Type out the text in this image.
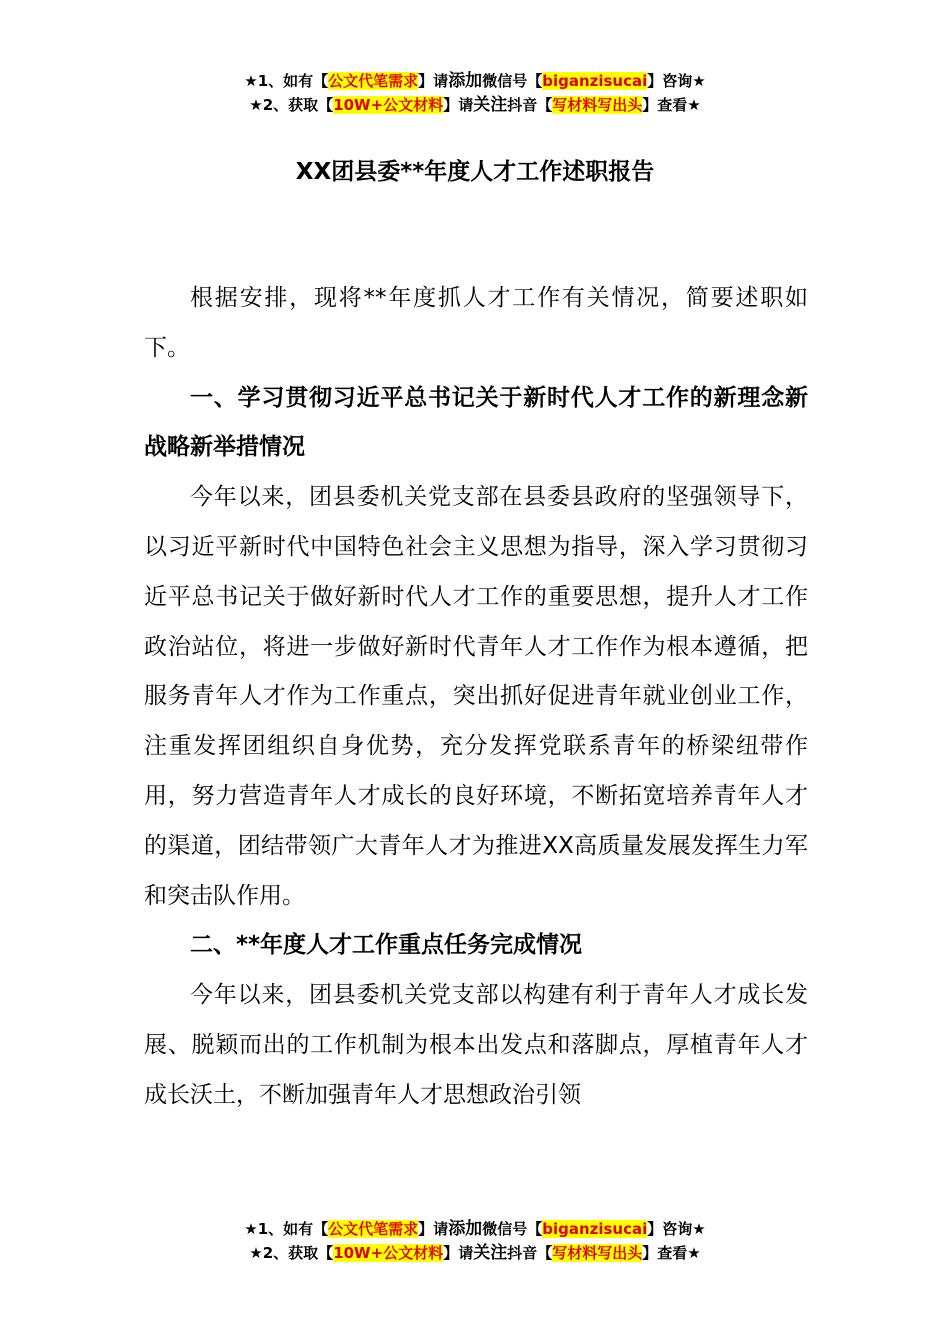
★1、如有【公文代笔需求】请添加微信号【biganzisucai】咨询★
★2、获取【10W+公文材料】请关注抖音【写材料写出头】查看★
XX团县委**年度人才工作述职报告

根据安排，现将**年度抓人才工作有关情况，简要述职如下。

一、学习贯彻习近平总书记关于新时代人才工作的新理念新战略新举措情况

今年以来，团县委机关党支部在县委县政府的坚强领导下，以习近平新时代中国特色社会主义思想为指导，深入学习贯彻习近平总书记关于做好新时代人才工作的重要思想，提升人才工作政治站位，将进一步做好新时代青年人才工作作为根本遵循，把服务青年人才作为工作重点，突出抓好促进青年就业创业工作，注重发挥团组织自身优势，充分发挥党联系青年的桥梁纽带作用，努力营造青年人才成长的良好环境，不断拓宽培养青年人才的渠道，团结带领广大青年人才为推进XX高质量发展发挥生力军和突击队作用。

二、**年度人才工作重点任务完成情况

今年以来，团县委机关党支部以构建有利于青年人才成长发展、脱颖而出的工作机制为根本出发点和落脚点，厚植青年人才成长沃土，不断加强青年人才思想政治引领

★1、如有【公文代笔需求】请添加微信号【biganzisucai】咨询★
★2、获取【10W+公文材料】请关注抖音【写材料写出头】查看★
